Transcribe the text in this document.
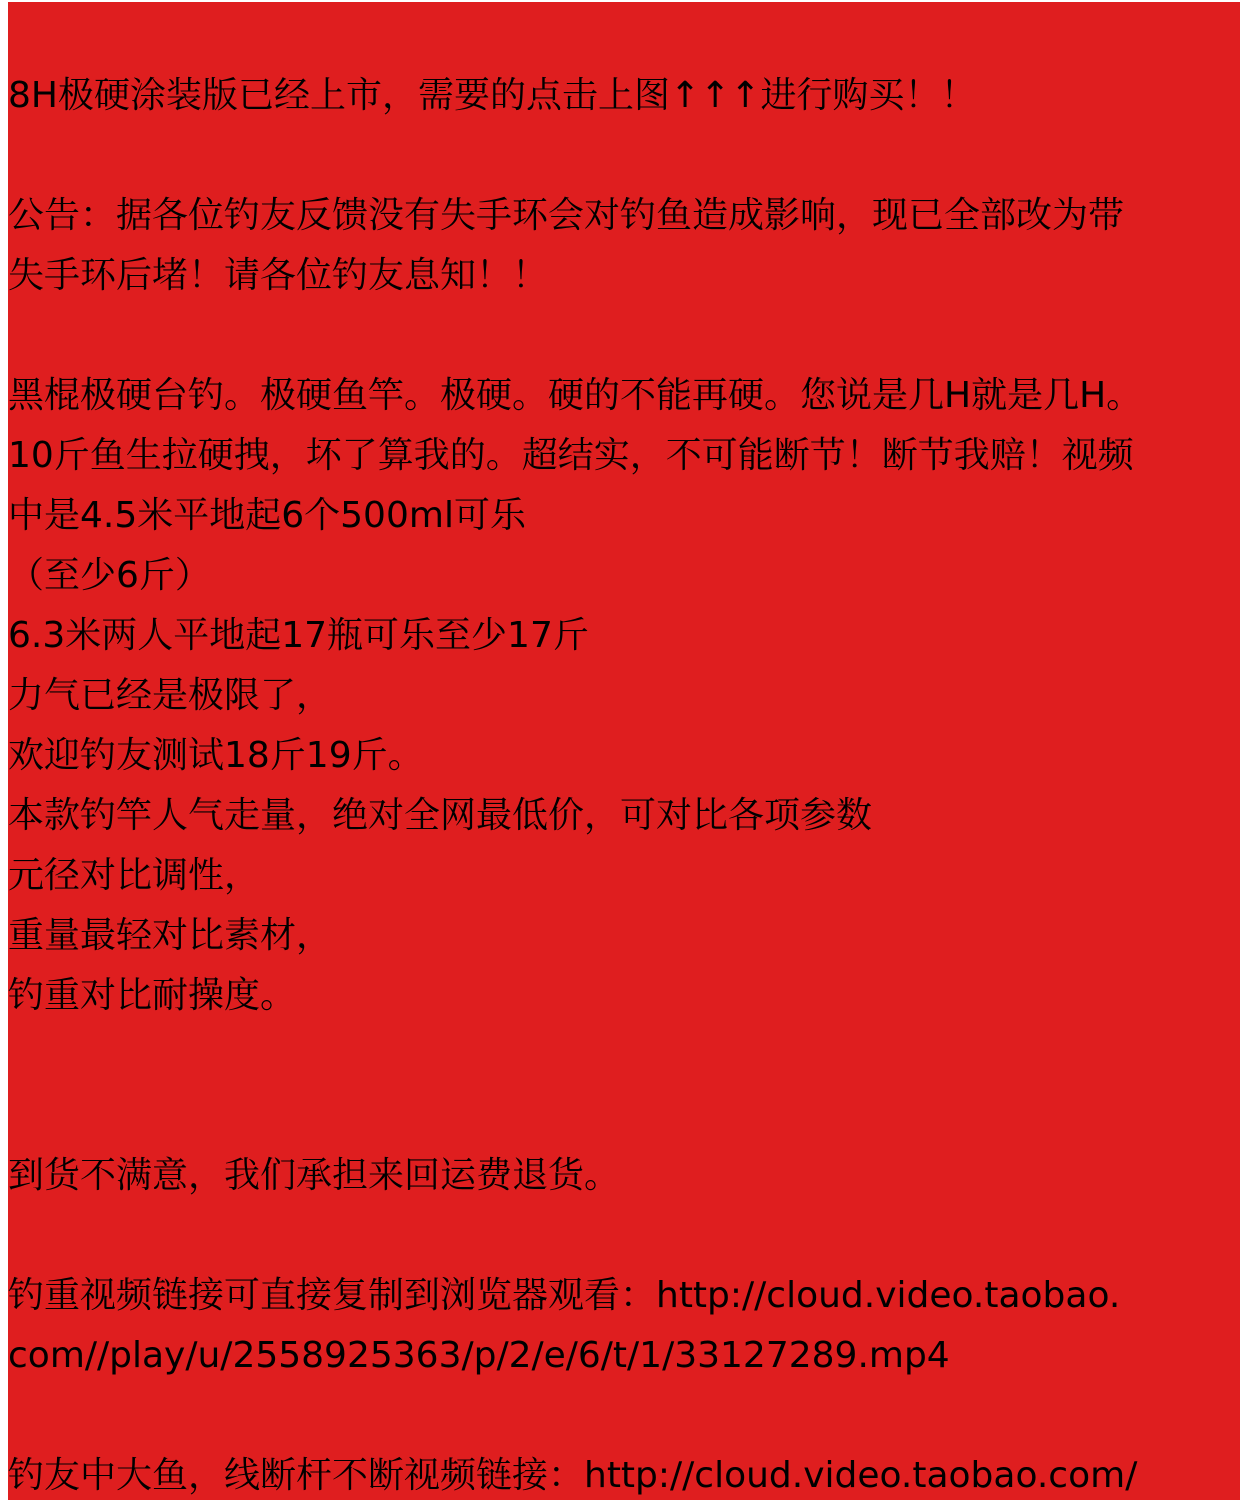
8H极硬涂装版已经上市，需要的点击上图↑↑↑进行购买！！
公告：据各位钓友反馈没有失手环会对钓鱼造成影响，现已全部改为带
失手环后堵！请各位钓友息知！！
黑棍极硬台钓。极硬鱼竿。极硬。硬的不能再硬。您说是几H就是几H。
10斤鱼生拉硬拽，坏了算我的。超结实，不可能断节！断节我赔！视频
中是4.5米平地起6个500ml可乐
（至少6斤）
6.3米两人平地起17瓶可乐至少17斤
力气已经是极限了，
欢迎钓友测试18斤19斤。
本款钓竿人气走量，绝对全网最低价，可对比各项参数
元径对比调性，
重量最轻对比素材，
钓重对比耐操度。
到货不满意，我们承担来回运费退货。
钓重视频链接可直接复制到浏览器观看：http://cloud.video.taobao.
com//play/u/2558925363/p/2/e/6/t/1/33127289.mp4
钓友中大鱼，线断杆不断视频链接：http://cloud.video.taobao.com/
